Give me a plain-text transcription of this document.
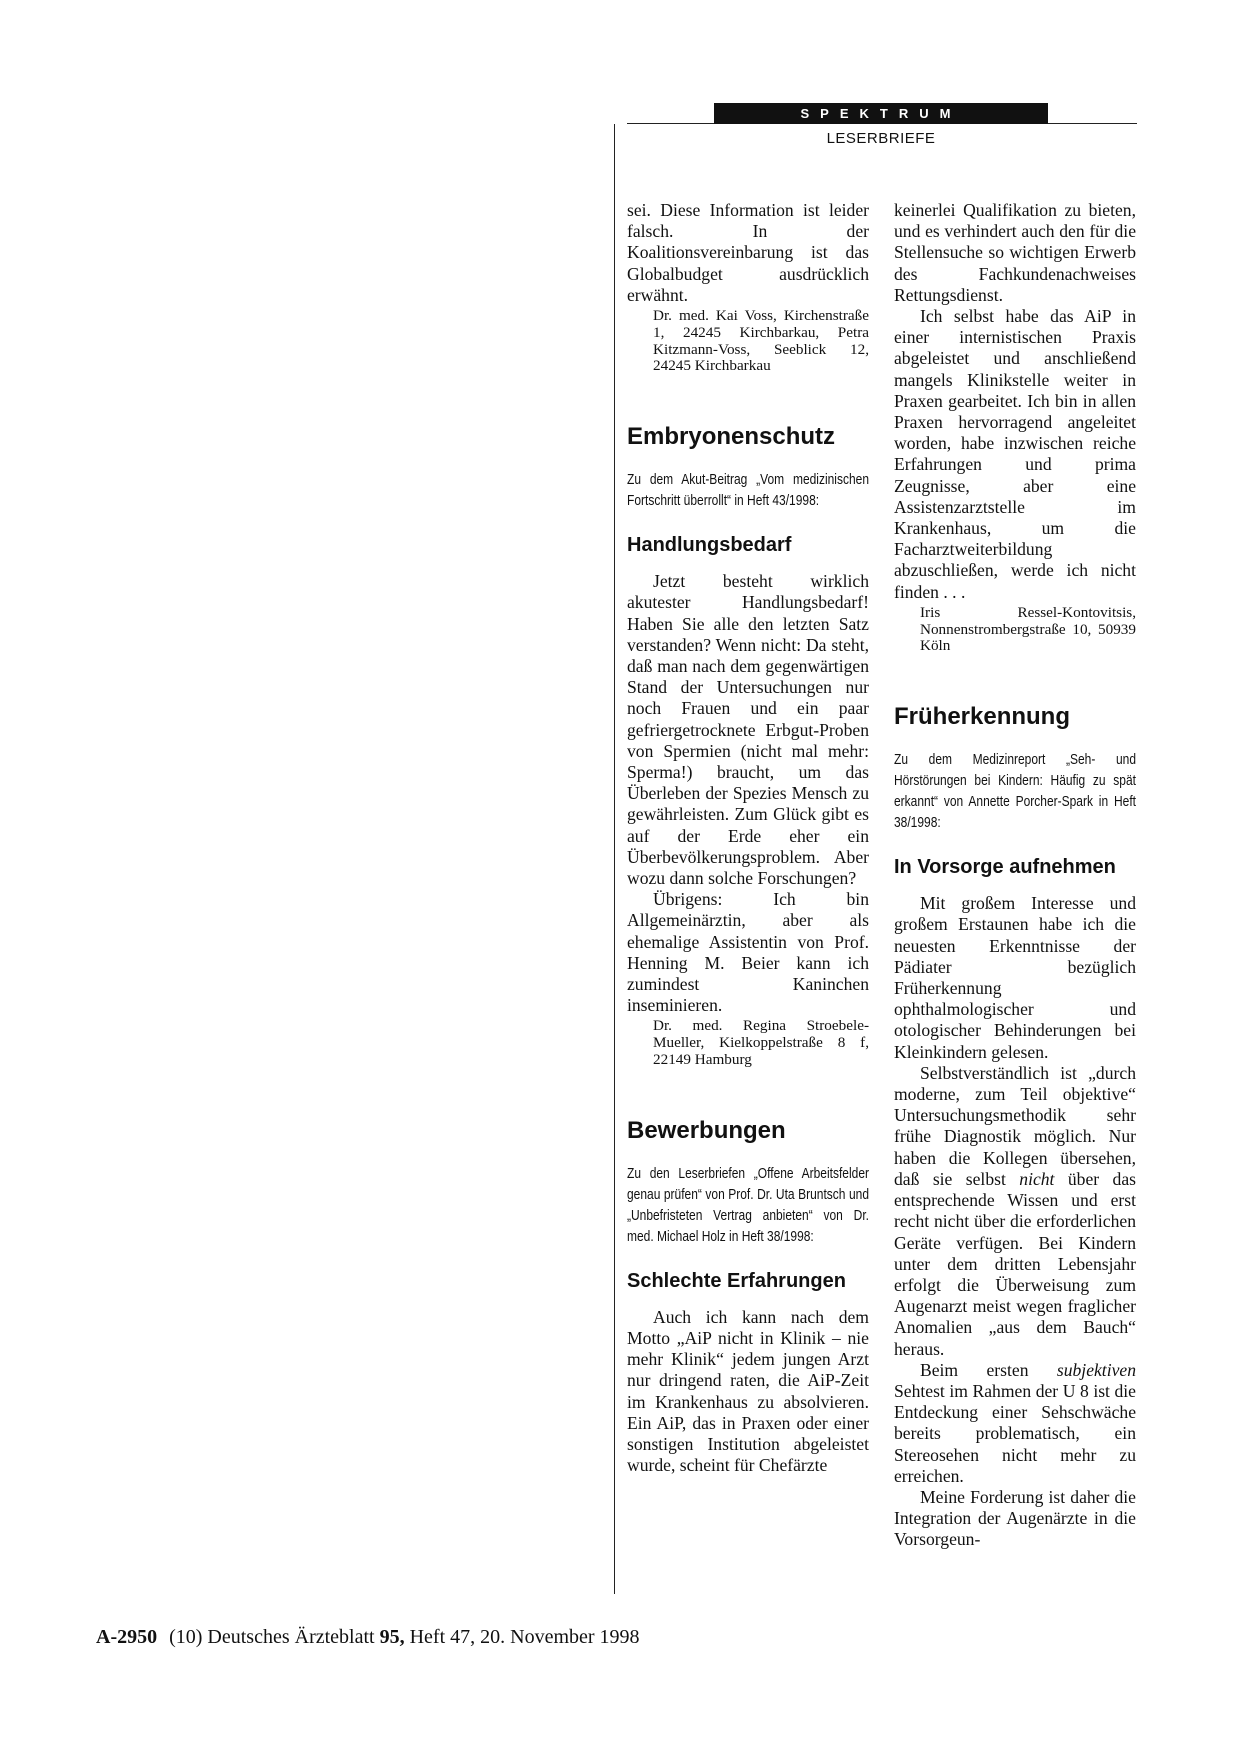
SPEKTRUM
LESERBRIEFE

sei. Diese Information ist leider falsch. In der Koalitionsvereinbarung ist das Globalbudget ausdrücklich erwähnt.

Dr. med. Kai Voss, Kirchenstraße 1, 24245 Kirchbarkau, Petra Kitzmann-Voss, Seeblick 12, 24245 Kirchbarkau

Embryonenschutz

Zu dem Akut-Beitrag „Vom medizinischen Fortschritt überrollt“ in Heft 43/1998:

Handlungsbedarf

Jetzt besteht wirklich akutester Handlungsbedarf! Haben Sie alle den letzten Satz verstanden? Wenn nicht: Da steht, daß man nach dem gegenwärtigen Stand der Untersuchungen nur noch Frauen und ein paar gefriergetrocknete Erbgut-Proben von Spermien (nicht mal mehr: Sperma!) braucht, um das Überleben der Spezies Mensch zu gewährleisten. Zum Glück gibt es auf der Erde eher ein Überbevölkerungsproblem. Aber wozu dann solche Forschungen?

Übrigens: Ich bin Allgemeinärztin, aber als ehemalige Assistentin von Prof. Henning M. Beier kann ich zumindest Kaninchen inseminieren.

Dr. med. Regina Stroebele-Mueller, Kielkoppelstraße 8 f, 22149 Hamburg

Bewerbungen

Zu den Leserbriefen „Offene Arbeitsfelder genau prüfen“ von Prof. Dr. Uta Bruntsch und „Unbefristeten Vertrag anbieten“ von Dr. med. Michael Holz in Heft 38/1998:

Schlechte Erfahrungen

Auch ich kann nach dem Motto „AiP nicht in Klinik – nie mehr Klinik“ jedem jungen Arzt nur dringend raten, die AiP-Zeit im Krankenhaus zu absolvieren. Ein AiP, das in Praxen oder einer sonstigen Institution abgeleistet wurde, scheint für Chefärzte

keinerlei Qualifikation zu bieten, und es verhindert auch den für die Stellensuche so wichtigen Erwerb des Fachkundenachweises Rettungsdienst.

Ich selbst habe das AiP in einer internistischen Praxis abgeleistet und anschließend mangels Klinikstelle weiter in Praxen gearbeitet. Ich bin in allen Praxen hervorragend angeleitet worden, habe inzwischen reiche Erfahrungen und prima Zeugnisse, aber eine Assistenzarztstelle im Krankenhaus, um die Facharztweiterbildung abzuschließen, werde ich nicht finden . . .

Iris Ressel-Kontovitsis, Nonnenstrombergstraße 10, 50939 Köln

Früherkennung

Zu dem Medizinreport „Seh- und Hörstörungen bei Kindern: Häufig zu spät erkannt“ von Annette Porcher-Spark in Heft 38/1998:

In Vorsorge aufnehmen

Mit großem Interesse und großem Erstaunen habe ich die neuesten Erkenntnisse der Pädiater bezüglich Früherkennung ophthalmologischer und otologischer Behinderungen bei Kleinkindern gelesen.

Selbstverständlich ist „durch moderne, zum Teil objektive“ Untersuchungsmethodik sehr frühe Diagnostik möglich. Nur haben die Kollegen übersehen, daß sie selbst nicht über das entsprechende Wissen und erst recht nicht über die erforderlichen Geräte verfügen. Bei Kindern unter dem dritten Lebensjahr erfolgt die Überweisung zum Augenarzt meist wegen fraglicher Anomalien „aus dem Bauch“ heraus.

Beim ersten subjektiven Sehtest im Rahmen der U 8 ist die Entdeckung einer Sehschwäche bereits problematisch, ein Stereosehen nicht mehr zu erreichen.

Meine Forderung ist daher die Integration der Augenärzte in die Vorsorgeun-

A-2950 (10) Deutsches Ärzteblatt 95, Heft 47, 20. November 1998
